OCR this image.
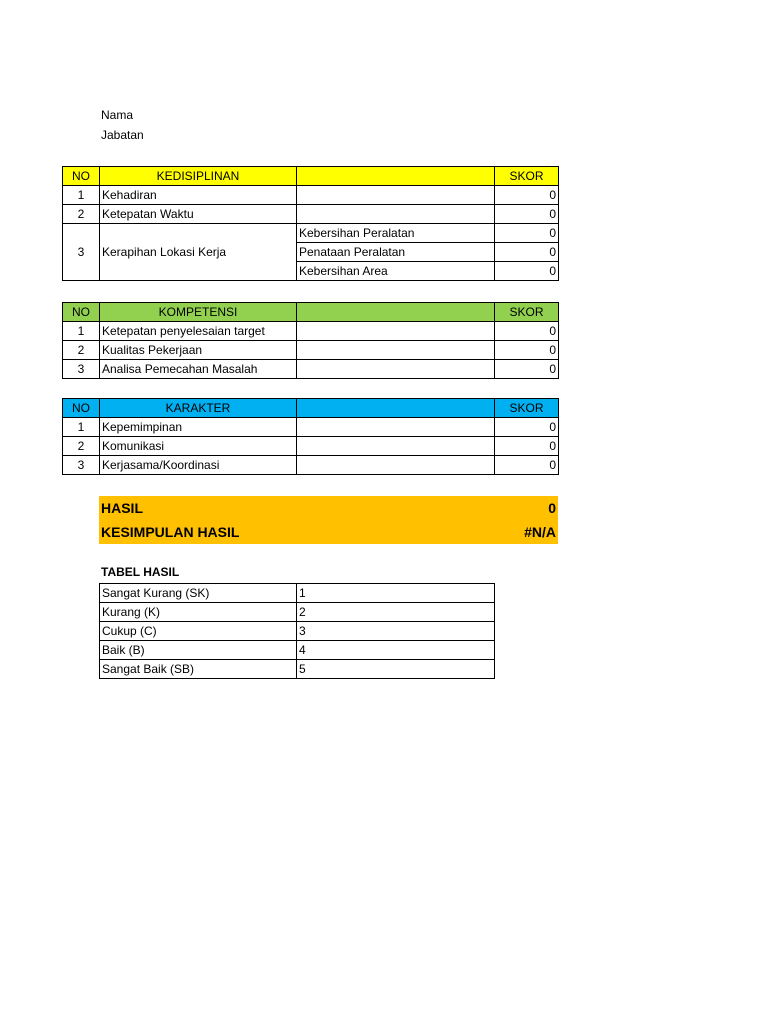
Nama
Jabatan
NO	KEDISIPLINAN		SKOR
1	Kehadiran		0
2	Ketepatan Waktu		0
3	Kerapihan Lokasi Kerja	Kebersihan Peralatan	0
		Penataan Peralatan	0
		Kebersihan Area	0
NO	KOMPETENSI		SKOR
1	Ketepatan penyelesaian target		0
2	Kualitas Pekerjaan		0
3	Analisa Pemecahan Masalah		0
NO	KARAKTER		SKOR
1	Kepemimpinan		0
2	Komunikasi		0
3	Kerjasama/Koordinasi		0
HASIL	0
KESIMPULAN HASIL	#N/A
TABEL HASIL
Sangat Kurang (SK)	1
Kurang (K)	2
Cukup (C)	3
Baik (B)	4
Sangat Baik (SB)	5
